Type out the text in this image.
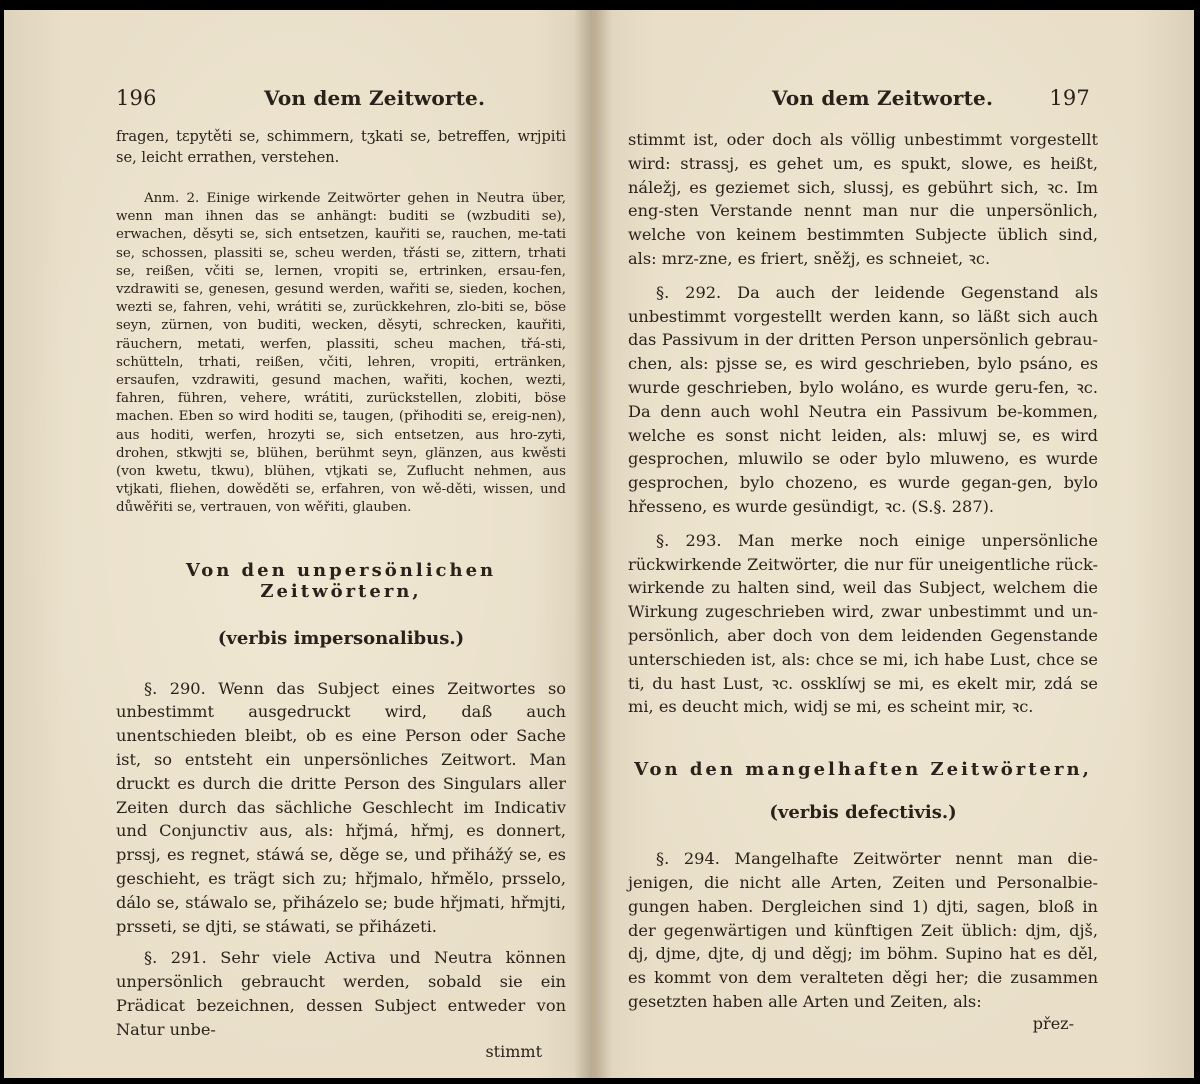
196	Von dem Zeitworte.

fragen, tɛpytěti se, schimmern, tʒkati se, betreffen, wrjpiti se, leicht errathen, verstehen.

Anm. 2. Einige wirkende Zeitwörter gehen in Neutra über, wenn man ihnen das se anhängt: buditi se (wzbuditi se), erwachen, děsyti se, sich entsetzen, kauřiti se, rauchen, me-tati se, schossen, plassiti se, scheu werden, třásti se, zittern, trhati se, reißen, včiti se, lernen, vropiti se, ertrinken, ersau-fen, vzdrawiti se, genesen, gesund werden, wařiti se, sieden, kochen, wezti se, fahren, vehi, wrátiti se, zurückkehren, zlo-biti se, böse seyn, zürnen, von buditi, wecken, děsyti, schrecken, kauřiti, räuchern, metati, werfen, plassiti, scheu machen, třá-sti, schütteln, trhati, reißen, včiti, lehren, vropiti, ertränken, ersaufen, vzdrawiti, gesund machen, wařiti, kochen, wezti, fahren, führen, vehere, wrátiti, zurückstellen, zlobiti, böse machen. Eben so wird hoditi se, taugen, (přihoditi se, ereig-nen), aus hoditi, werfen, hrozyti se, sich entsetzen, aus hro-zyti, drohen, stkwjti se, blühen, berühmt seyn, glänzen, aus kwěsti (von kwetu, tkwu), blühen, vtjkati se, Zuflucht nehmen, aus vtjkati, fliehen, dowěděti se, erfahren, von wě-děti, wissen, und důwěřiti se, vertrauen, von wěřiti, glauben.

Von den unpersönlichen Zeitwörtern,
(verbis impersonalibus.)

§. 290. Wenn das Subject eines Zeitwortes so unbestimmt ausgedruckt wird, daß auch unentschieden bleibt, ob es eine Person oder Sache ist, so entsteht ein unpersönliches Zeitwort. Man druckt es durch die dritte Person des Singulars aller Zeiten durch das sächliche Geschlecht im Indicativ und Conjunctiv aus, als: hřjmá, hřmj, es donnert, prssj, es regnet, stáwá se, děge se, und přihážý se, es geschieht, es trägt sich zu; hřjmalo, hřmělo, prsselo, dálo se, stáwalo se, přiházelo se; bude hřjmati, hřmjti, prsseti, se djti, se stáwati, se přiházeti.

§. 291. Sehr viele Activa und Neutra können unpersönlich gebraucht werden, sobald sie ein Prädicat bezeichnen, dessen Subject entweder von Natur unbe-

stimmt
Von dem Zeitworte.	197

stimmt ist, oder doch als völlig unbestimmt vorgestellt wird: strassj, es gehet um, es spukt, slowe, es heißt, náležj, es geziemet sich, slussj, es gebührt sich, ꝛc. Im eng-sten Verstande nennt man nur die unpersönlich, welche von keinem bestimmten Subjecte üblich sind, als: mrz-zne, es friert, sněžj, es schneiet, ꝛc.

§. 292. Da auch der leidende Gegenstand als unbestimmt vorgestellt werden kann, so läßt sich auch das Passivum in der dritten Person unpersönlich gebrau-chen, als: pjsse se, es wird geschrieben, bylo psáno, es wurde geschrieben, bylo woláno, es wurde geru-fen, ꝛc. Da denn auch wohl Neutra ein Passivum be-kommen, welche es sonst nicht leiden, als: mluwj se, es wird gesprochen, mluwilo se oder bylo mluweno, es wurde gesprochen, bylo chozeno, es wurde gegan-gen, bylo hřesseno, es wurde gesündigt, ꝛc. (S.§. 287).

§. 293. Man merke noch einige unpersönliche rückwirkende Zeitwörter, die nur für uneigentliche rück-wirkende zu halten sind, weil das Subject, welchem die Wirkung zugeschrieben wird, zwar unbestimmt und un-persönlich, aber doch von dem leidenden Gegenstande unterschieden ist, als: chce se mi, ich habe Lust, chce se ti, du hast Lust, ꝛc. ossklíwj se mi, es ekelt mir, zdá se mi, es deucht mich, widj se mi, es scheint mir, ꝛc.

Von den mangelhaften Zeitwörtern,
(verbis defectivis.)

§. 294. Mangelhafte Zeitwörter nennt man die-jenigen, die nicht alle Arten, Zeiten und Personalbie-gungen haben. Dergleichen sind 1) djti, sagen, bloß in der gegenwärtigen und künftigen Zeit üblich: djm, djš, dj, djme, djte, dj und děgj; im böhm. Supino hat es děl, es kommt von dem veralteten děgi her; die zusammen gesetzten haben alle Arten und Zeiten, als:

přez-
